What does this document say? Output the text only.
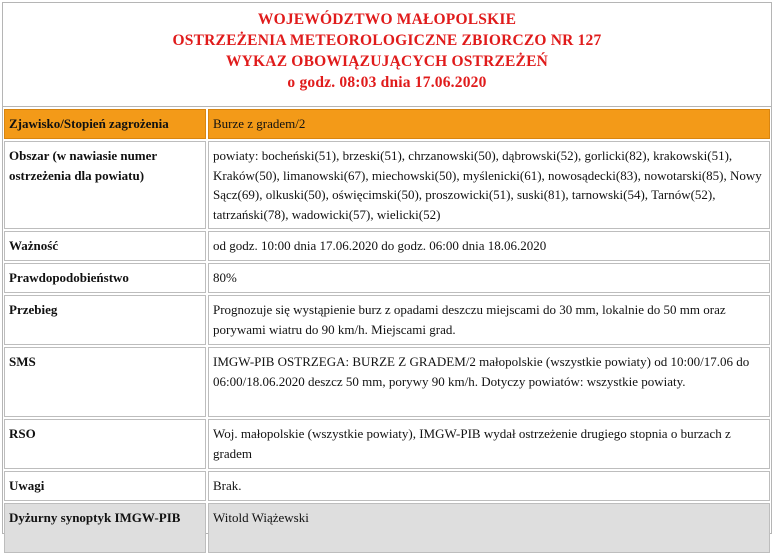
WOJEWÓDZTWO MAŁOPOLSKIE
OSTRZEŻENIA METEOROLOGICZNE ZBIORCZO NR 127
WYKAZ OBOWIĄZUJĄCYCH OSTRZEŻEŃ
o godz. 08:03 dnia 17.06.2020
Zjawisko/Stopień zagrożenia	Burze z gradem/2
Obszar (w nawiasie numer ostrzeżenia dla powiatu)	powiaty: bocheński(51), brzeski(51), chrzanowski(50), dąbrowski(52), gorlicki(82), krakowski(51), Kraków(50), limanowski(67), miechowski(50), myślenicki(61), nowosądecki(83), nowotarski(85), Nowy Sącz(69), olkuski(50), oświęcimski(50), proszowicki(51), suski(81), tarnowski(54), Tarnów(52), tatrzański(78), wadowicki(57), wielicki(52)
Ważność	od godz. 10:00 dnia 17.06.2020 do godz. 06:00 dnia 18.06.2020
Prawdopodobieństwo	80%
Przebieg	Prognozuje się wystąpienie burz z opadami deszczu miejscami do 30 mm, lokalnie do 50 mm oraz porywami wiatru do 90 km/h. Miejscami grad.
SMS	IMGW-PIB OSTRZEGA: BURZE Z GRADEM/2 małopolskie (wszystkie powiaty) od 10:00/17.06 do 06:00/18.06.2020 deszcz 50 mm, porywy 90 km/h. Dotyczy powiatów: wszystkie powiaty.
RSO	Woj. małopolskie (wszystkie powiaty), IMGW-PIB wydał ostrzeżenie drugiego stopnia o burzach z gradem
Uwagi	Brak.
Dyżurny synoptyk IMGW-PIB	Witold Wiążewski
